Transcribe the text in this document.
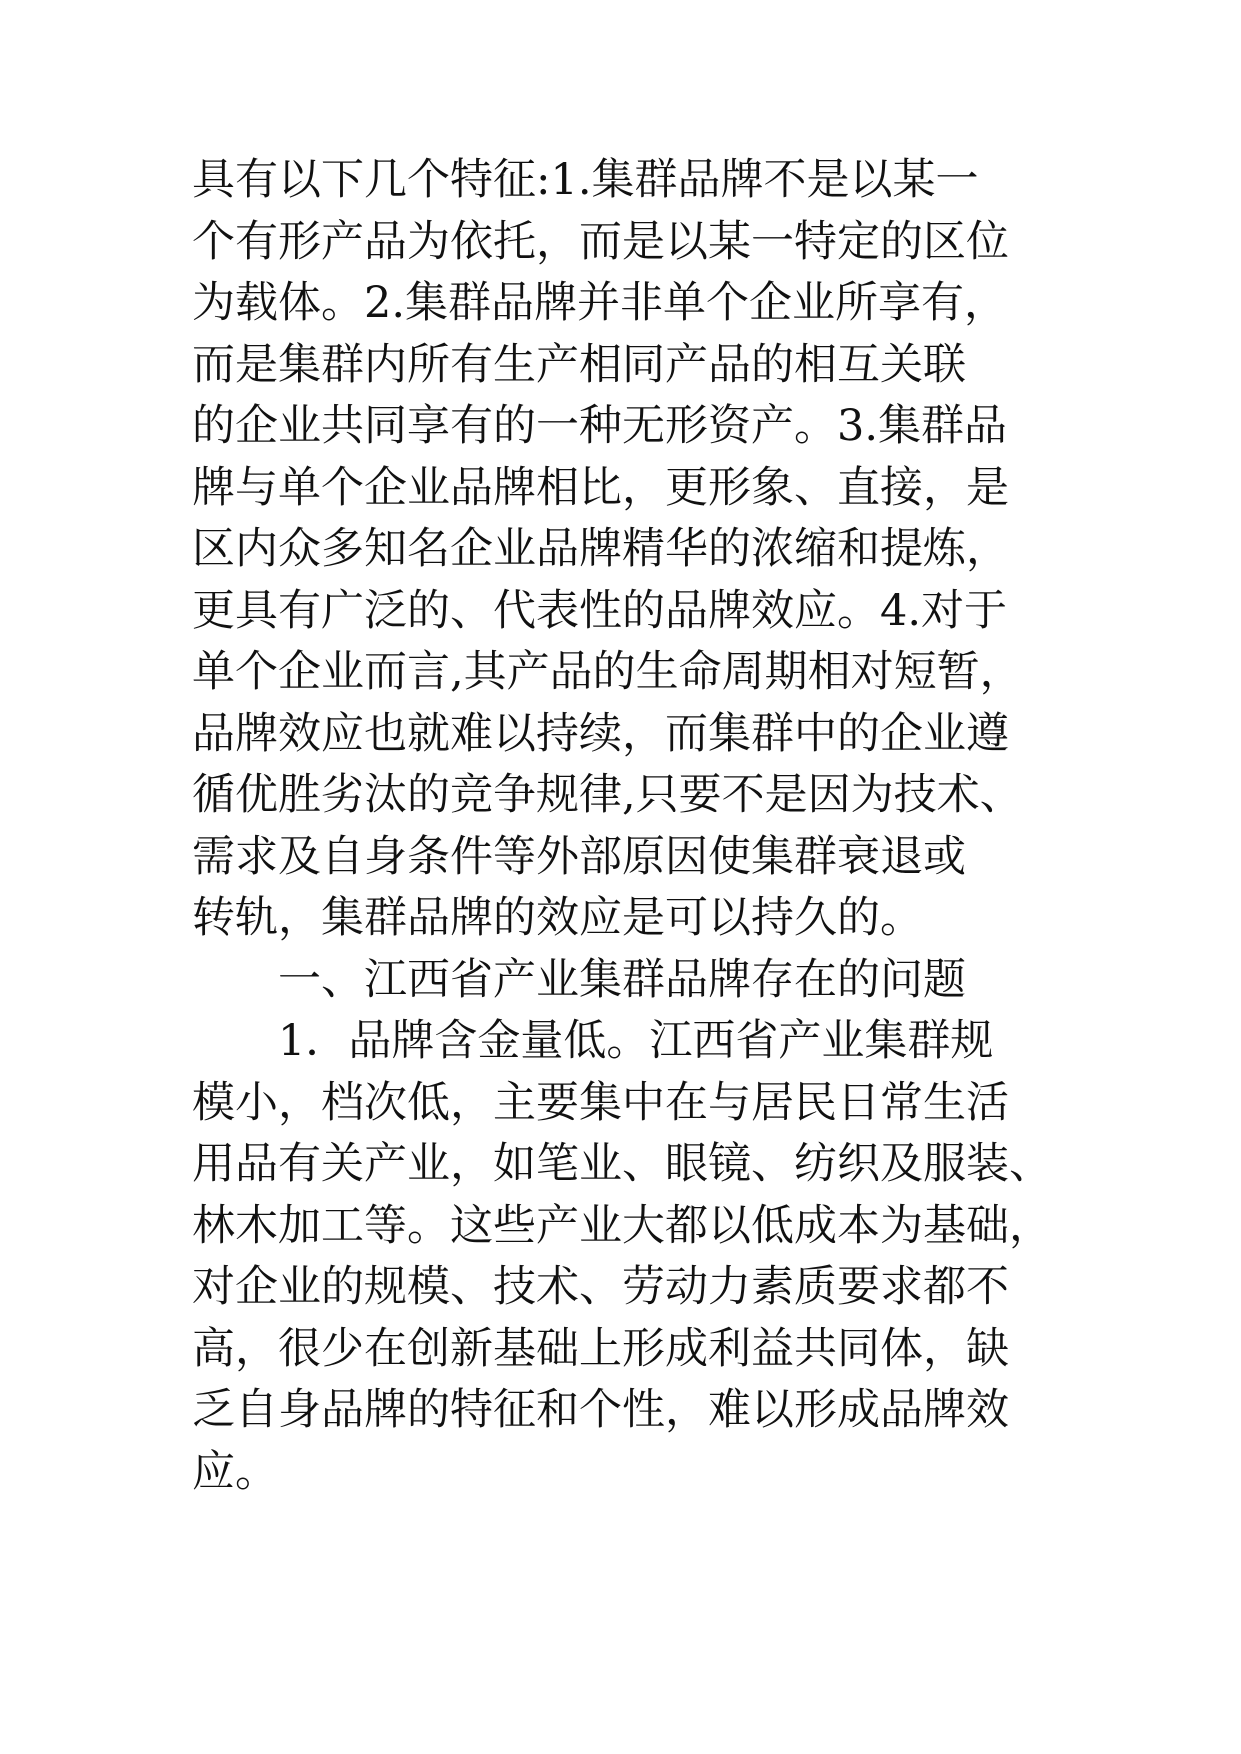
具有以下几个特征:1.集群品牌不是以某一
个有形产品为依托，而是以某一特定的区位
为载体。2.集群品牌并非单个企业所享有，
而是集群内所有生产相同产品的相互关联
的企业共同享有的一种无形资产。3.集群品
牌与单个企业品牌相比，更形象、直接，是
区内众多知名企业品牌精华的浓缩和提炼，
更具有广泛的、代表性的品牌效应。4.对于
单个企业而言,其产品的生命周期相对短暂，
品牌效应也就难以持续，而集群中的企业遵
循优胜劣汰的竞争规律,只要不是因为技术、
需求及自身条件等外部原因使集群衰退或
转轨，集群品牌的效应是可以持久的。
一、江西省产业集群品牌存在的问题
1．品牌含金量低。江西省产业集群规
模小，档次低，主要集中在与居民日常生活
用品有关产业，如笔业、眼镜、纺织及服装、
林木加工等。这些产业大都以低成本为基础，
对企业的规模、技术、劳动力素质要求都不
高，很少在创新基础上形成利益共同体，缺
乏自身品牌的特征和个性，难以形成品牌效
应。
